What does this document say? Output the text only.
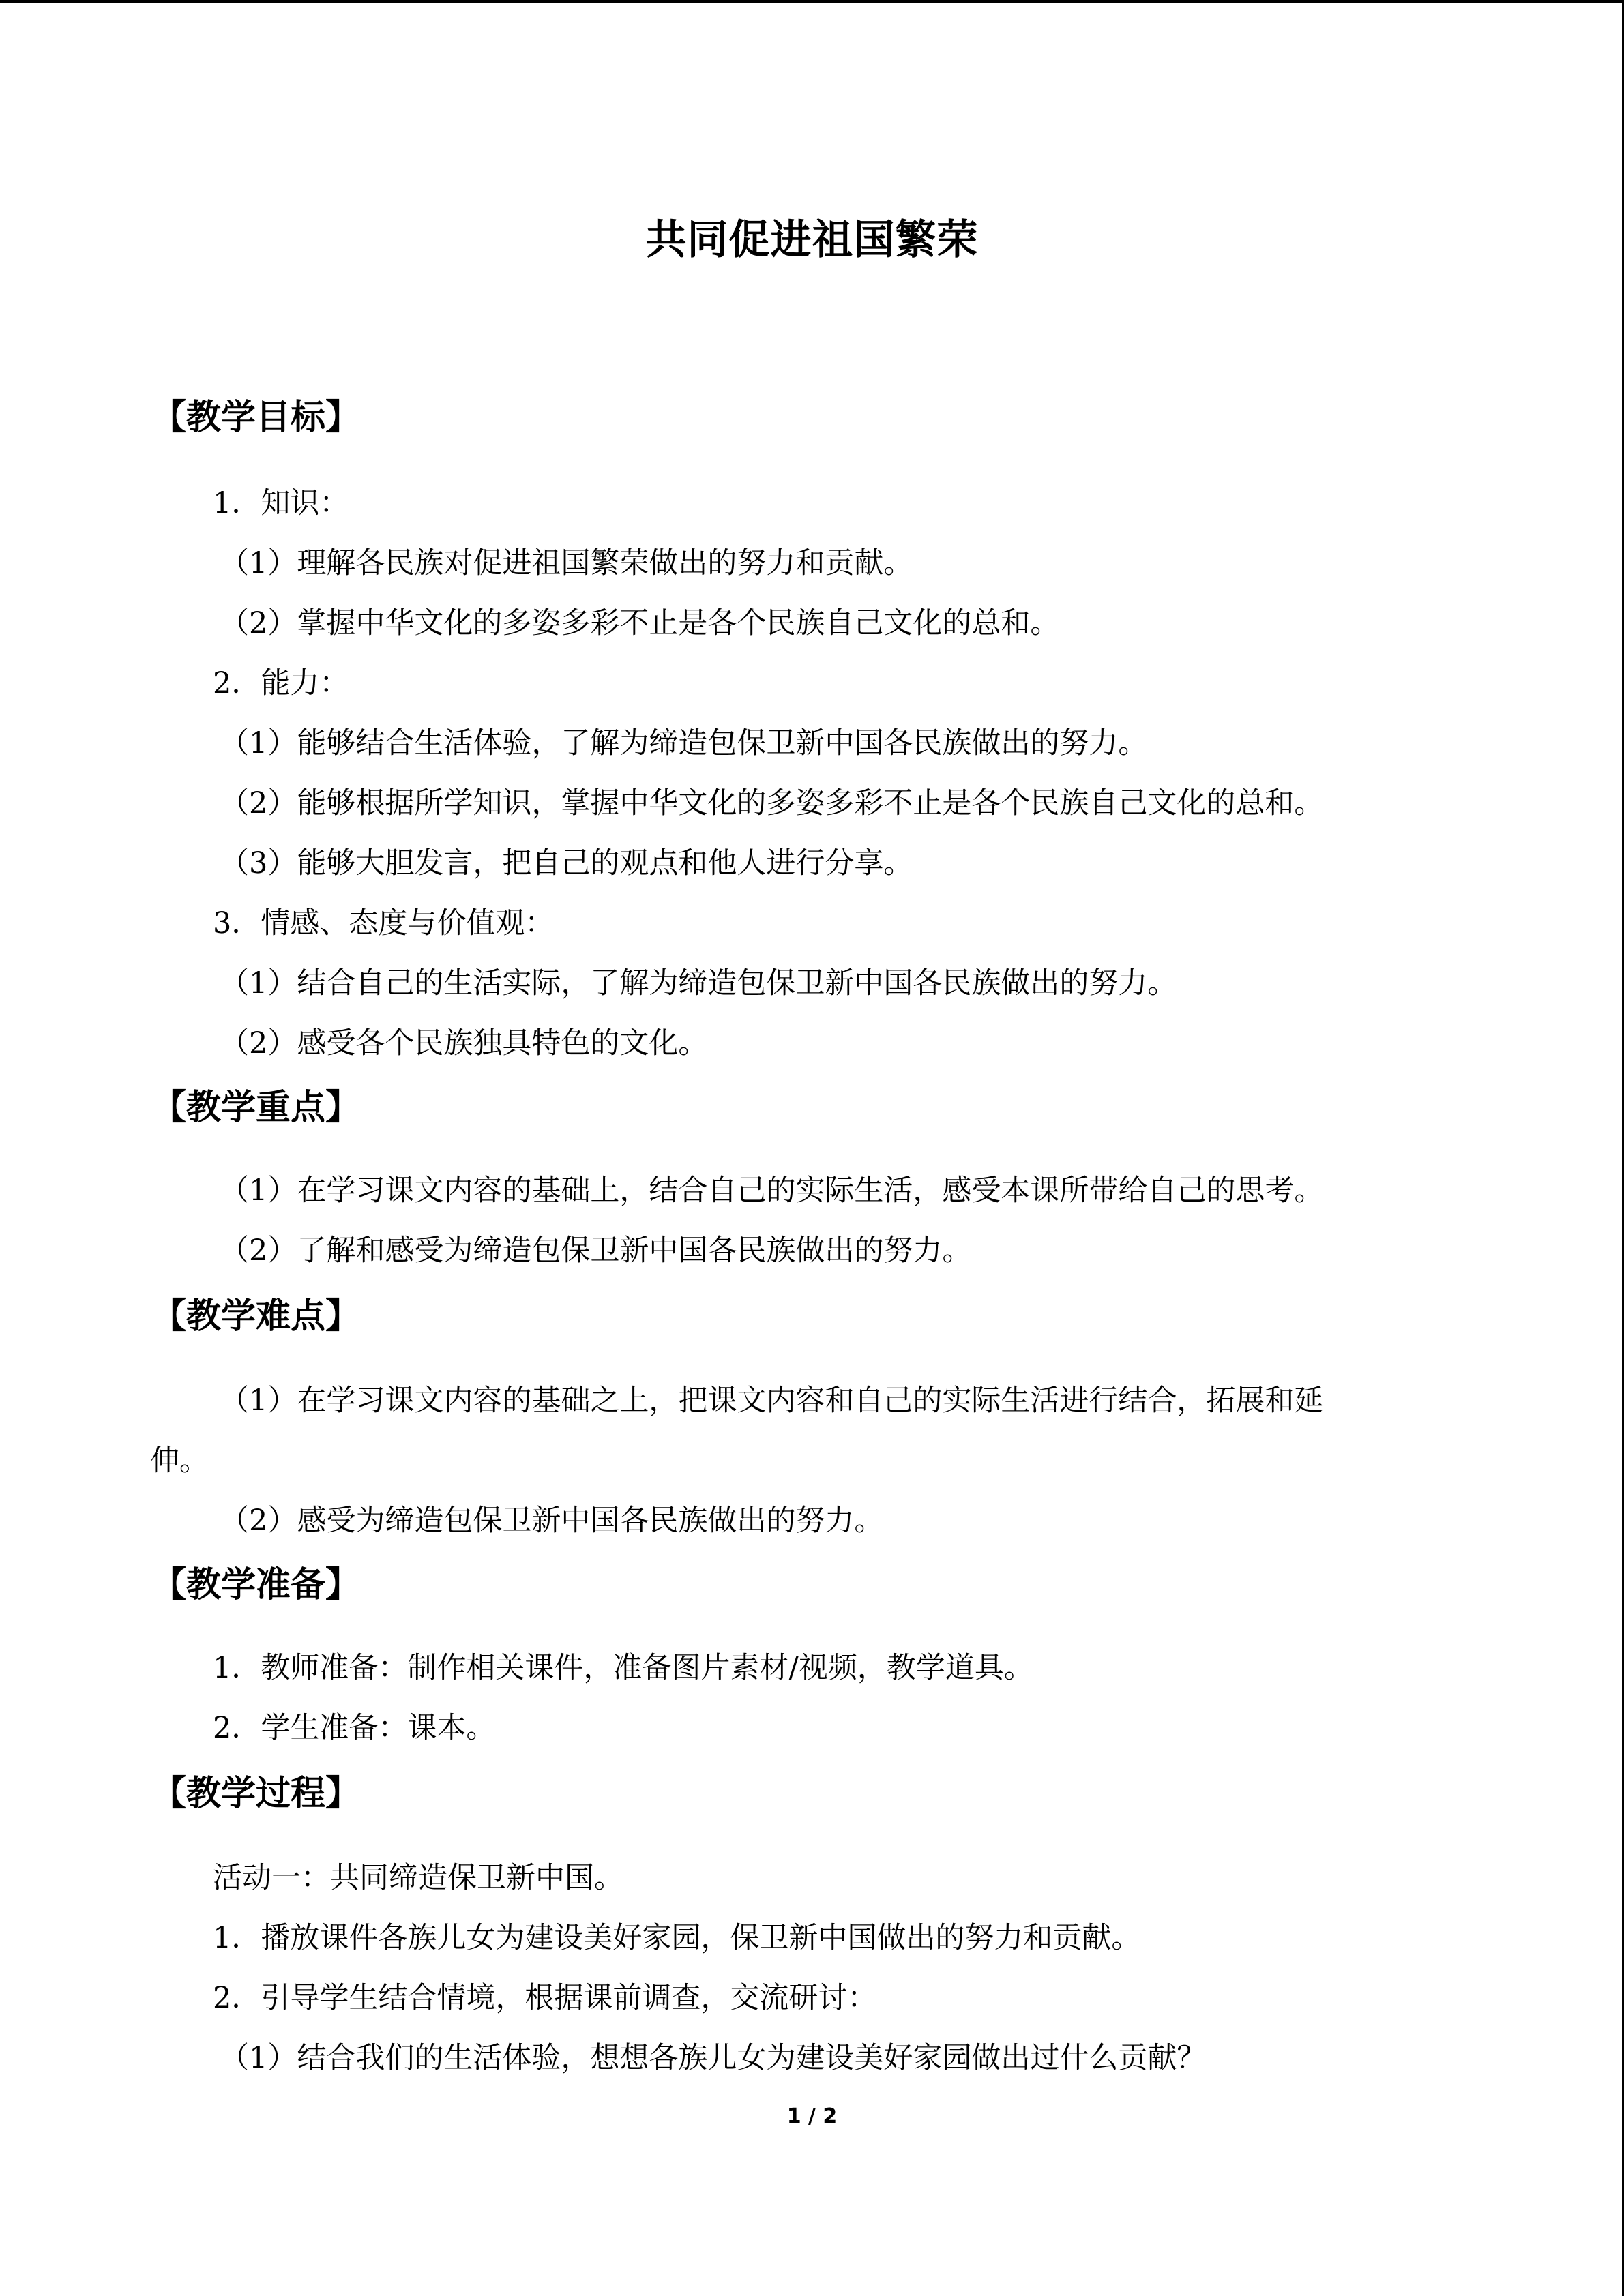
共同促进祖国繁荣
【教学目标】
1．知识：
（1）理解各民族对促进祖国繁荣做出的努力和贡献。
（2）掌握中华文化的多姿多彩不止是各个民族自己文化的总和。
2．能力：
（1）能够结合生活体验，了解为缔造包保卫新中国各民族做出的努力。
（2）能够根据所学知识，掌握中华文化的多姿多彩不止是各个民族自己文化的总和。
（3）能够大胆发言，把自己的观点和他人进行分享。
3．情感、态度与价值观：
（1）结合自己的生活实际，了解为缔造包保卫新中国各民族做出的努力。
（2）感受各个民族独具特色的文化。
【教学重点】
（1）在学习课文内容的基础上，结合自己的实际生活，感受本课所带给自己的思考。
（2）了解和感受为缔造包保卫新中国各民族做出的努力。
【教学难点】
（1）在学习课文内容的基础之上，把课文内容和自己的实际生活进行结合，拓展和延
伸。
（2）感受为缔造包保卫新中国各民族做出的努力。
【教学准备】
1．教师准备：制作相关课件，准备图片素材/视频，教学道具。
2．学生准备：课本。
【教学过程】
活动一：共同缔造保卫新中国。
1．播放课件各族儿女为建设美好家园，保卫新中国做出的努力和贡献。
2．引导学生结合情境，根据课前调查，交流研讨：
（1）结合我们的生活体验，想想各族儿女为建设美好家园做出过什么贡献？
1 / 2
